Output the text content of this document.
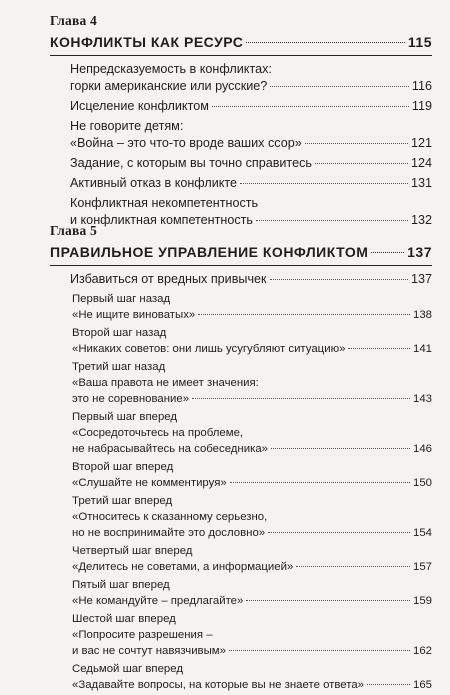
Глава 4
КОНФЛИКТЫ КАК РЕСУРС	115
Непредсказуемость в конфликтах:
горки американские или русские?	116
Исцеление конфликтом	119
Не говорите детям:
«Война – это что-то вроде ваших ссор»	121
Задание, с которым вы точно справитесь	124
Активный отказ в конфликте	131
Конфликтная некомпетентность
и конфликтная компетентность	132
Глава 5
ПРАВИЛЬНОЕ УПРАВЛЕНИЕ КОНФЛИКТОМ	137
Избавиться от вредных привычек	137
Первый шаг назад
«Не ищите виноватых»	138
Второй шаг назад
«Никаких советов: они лишь усугубляют ситуацию»	141
Третий шаг назад
«Ваша правота не имеет значения:
это не соревнование»	143
Первый шаг вперед
«Сосредоточьтесь на проблеме,
не набрасывайтесь на собеседника»	146
Второй шаг вперед
«Слушайте не комментируя»	150
Третий шаг вперед
«Относитесь к сказанному серьезно,
но не воспринимайте это дословно»	154
Четвертый шаг вперед
«Делитесь не советами, а информацией»	157
Пятый шаг вперед
«Не командуйте – предлагайте»	159
Шестой шаг вперед
«Попросите разрешения –
и вас не сочтут навязчивым»	162
Седьмой шаг вперед
«Задавайте вопросы, на которые вы не знаете ответа»	165
